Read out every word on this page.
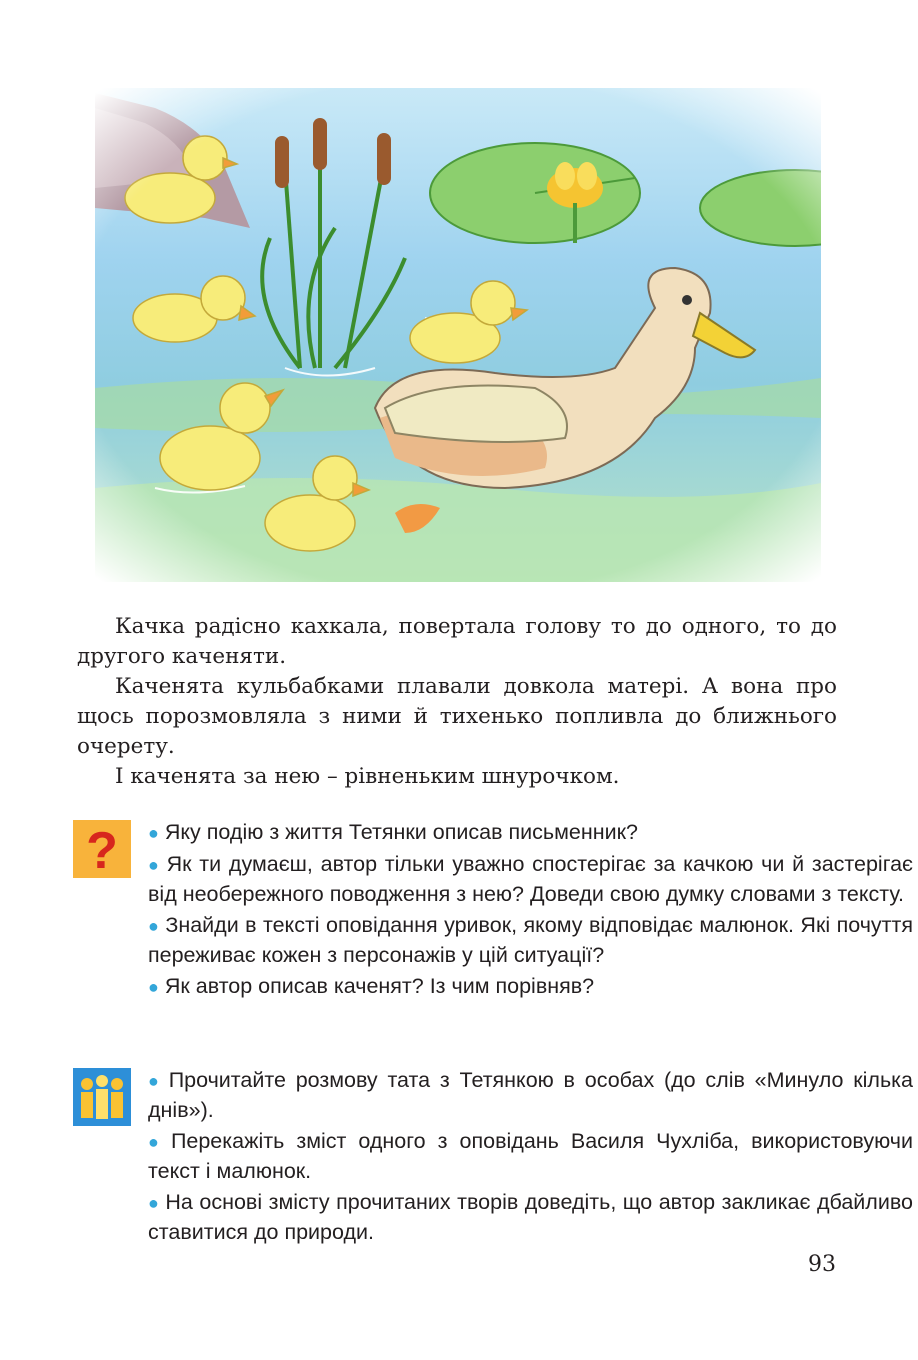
Качка радісно кахкала, повертала голову то до одного, то до другого каченяти.

Каченята кульбабками плавали довкола матері. А вона про щось порозмовляла з ними й тихенько попливла до ближнього очерету.

І каченята за нею – рівненьким шнурочком.

? ● Яку подію з життя Тетянки описав письменник?
● Як ти думаєш, автор тільки уважно спостерігає за качкою чи й застерігає від необережного поводження з нею? Доведи свою думку словами з тексту.
● Знайди в тексті оповідання уривок, якому відповідає малюнок. Які почуття переживає кожен з персонажів у цій ситуації?
● Як автор описав каченят? Із чим порівняв?
● Прочитайте розмову тата з Тетянкою в особах (до слів «Минуло кілька днів»).
● Перекажіть зміст одного з оповідань Василя Чухліба, використовуючи текст і малюнок.
● На основі змісту прочитаних творів доведіть, що автор закликає дбайливо ставитися до природи.
93
